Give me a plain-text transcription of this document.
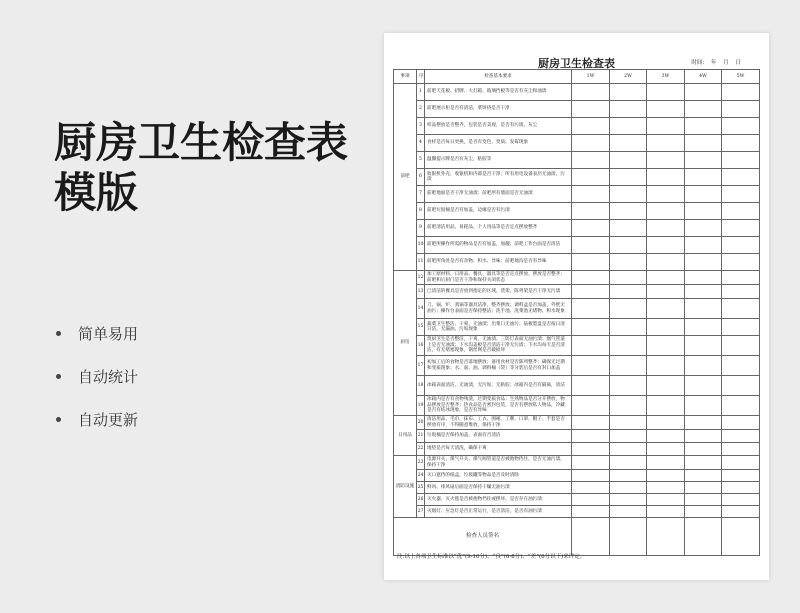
厨房卫生检查表
模版
简单易用
自动统计
自动更新
厨房卫生检查表	时间: 年 月 日
事项	序	检查基本要求	1W	2W	3W	4W	5W
前吧	1	前吧天花板、招牌、大灯箱、玻璃挡板等是否有灰尘和油渍					
	2	前吧展示柜是否有清洁，菜饼挤是否干净					
	3	样品摆放是否整齐，包装是否美观，是否有污渍、灰尘					
	4	食样是否每日更换，是否有变色、变质、发霉现象					
	5	温馨提示牌是否有灰尘，粘胶等					
	6	收银机外壳、收银机和内部是否干净；所有用电设备表层无油渍、污渍					
	7	前吧地面是否干净无油渍；前吧所有墙面是否无油渍					
	8	前吧垃圾桶是否有加盖，边缘是否有污渍					
	9	前吧清洁用品、易耗品、个人用品等是否定点摆放整齐					
	10	前吧所操作所需的物品是否有加盖，加靓；前吧工作台面是否清洁					
	11	前吧所角处是否有杂物、积水、异味；前吧地沟是否有异味					
厨房	12	加工原材料、日用品、餐具、器具等是否定点摆放，摆放是否整齐；前吧和后厨门是否干净和保持关闭状态					
	13	已清洁的餐具是否放到指定的区域，货架、陈列架是否干净无污渍					
	14	刀、锅、炉、蒸锅等器具洁净，整齐摆放；调料盒是否加盖，外壁无油污；操作台表面是否保持整洁；洗手池、洗菜池无堵物、积水现象					
	15	蔬菜卫生整洁、干爽、无油渍；出菜口无油污；砧板墨盘是否按日清日洁，无漏油、污垢现象					
	16	烧厨卫生是否整洁，干爽，无油渍；三防灯表面无油污渍；烟气管道上是否无油渍；下水沟盖板是否清洁干净无污渍；下水沟每天是否清洁，有无堵塞现象，钢丝网是否破损坏					
	17	初加工后的食物是否落地摆放；备用食材是否陈列整齐；确保无过期和变质现象；水、面、油、调料桶（袋）等分装后是否有封口加盖					
	18	冰箱表面清洁，无油渍，无污垢，无粘胶；冰箱内是否有隔离，清洁					
	19	冰箱内是否有食物残渣，过期变质食品；生熟物品是否分开摆放，物品摆放是否整齐；热食品是否密封包装，是否有摆放私人物品，冷藏是否有结冰现象，是否有异味					
日用品	20	清洁用品、毛巾、抹布、工衣、围裙、工牌、口罩、帽子、手套是否摆放有序，不得随意堆放，保持干净					
	21	垃圾桶是否保持加盖，表面有否清洁					
	22	地垫是否每天清洗，确保干爽					
消防设施	23	电源开关、煤气开关、煤气阀管道是否被他物挡住，是否无油污渍，保持干净					
	24	灭口遮挡的纸盒，垃圾罐等物品是否及时清除					
	25	鲜风、排风扇后面是否保持干燥无油污渍					
	26	灭火器、灭火毯是否被他物挡住或摆坏，是否存在油污渍					
	27	灭烟灯、应急灯是否正常运行，是否清洁，是否有油污渍					
检查人员签名							
注:以上各项卫生标准以“优”(9-10分)、“良”(6-8分)、“差”(6分以下)来评定。
